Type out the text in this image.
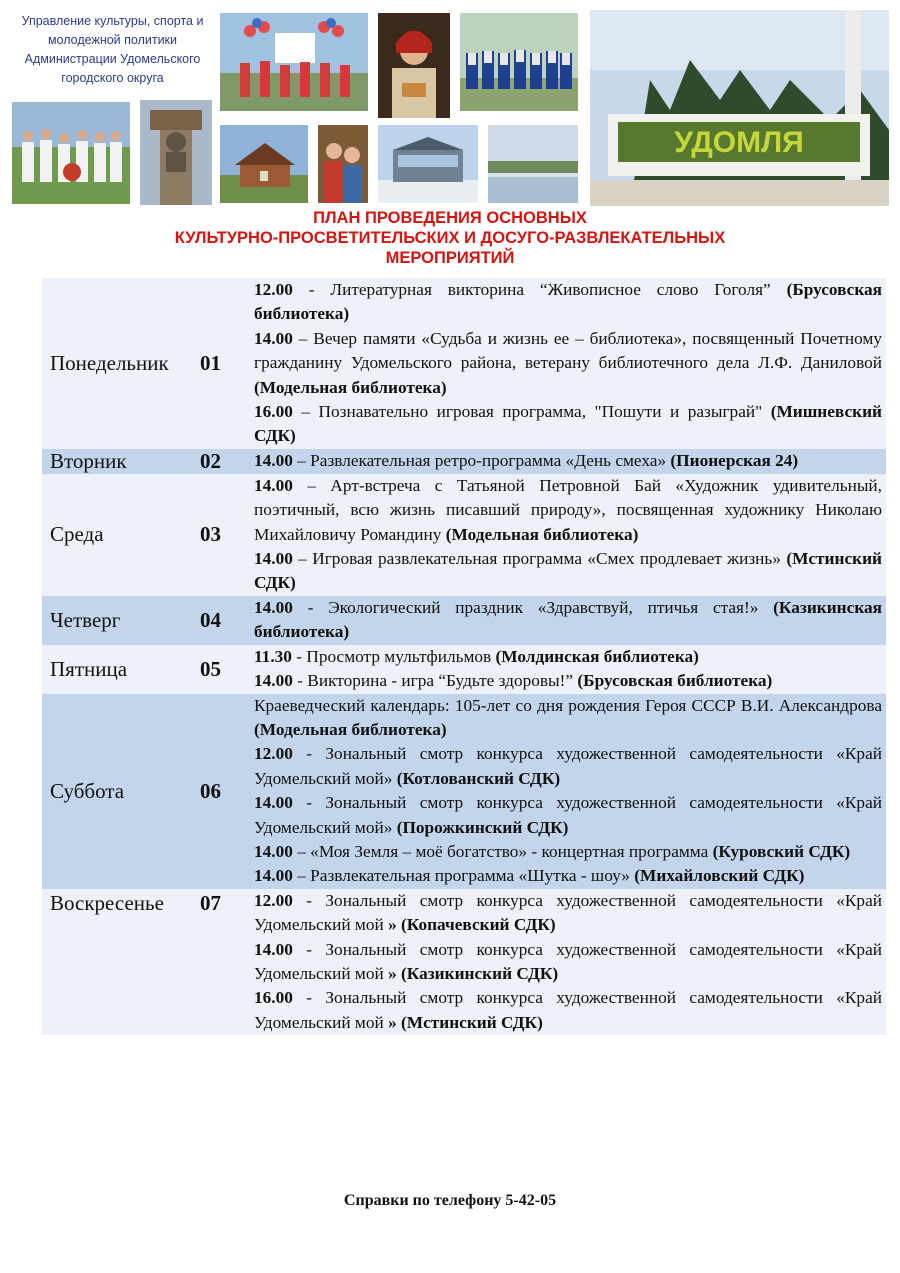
Управление культуры, спорта и
молодежной политики
Администрации Удомельского
городского округа
УДОМЛЯ
ПЛАН ПРОВЕДЕНИЯ ОСНОВНЫХ
КУЛЬТУРНО-ПРОСВЕТИТЕЛЬСКИХ И ДОСУГО-РАЗВЛЕКАТЕЛЬНЫХ
МЕРОПРИЯТИЙ
Понедельник	01	12.00 - Литературная викторина “Живописное слово Гоголя” (Брусовская библиотека)
14.00 – Вечер памяти «Судьба и жизнь ее – библиотека», посвященный Почетному гражданину Удомельского района, ветерану библиотечного дела Л.Ф. Даниловой (Модельная библиотека)
16.00 – Познавательно игровая программа, "Пошути и разыграй" (Мишневский СДК)

Вторник	02	14.00 – Развлекательная ретро-программа «День смеха» (Пионерская 24)

Среда	03	14.00 – Арт-встреча с Татьяной Петровной Бай «Художник удивительный, поэтичный, всю жизнь писавший природу», посвященная художнику Николаю Михайловичу Романдину (Модельная библиотека)
14.00 – Игровая развлекательная программа «Смех продлевает жизнь» (Мстинский СДК)

Четверг	04	14.00 - Экологический праздник «Здравствуй, птичья стая!» (Казикинская библиотека)

Пятница	05	11.30 - Просмотр мультфильмов (Молдинская библиотека)
14.00 - Викторина - игра “Будьте здоровы!” (Брусовская библиотека)

Суббота	06	Краеведческий календарь: 105-лет со дня рождения Героя СССР В.И. Александрова (Модельная библиотека)
12.00 - Зональный смотр конкурса художественной самодеятельности «Край Удомельский мой» (Котлованский СДК)
14.00 - Зональный смотр конкурса художественной самодеятельности «Край Удомельский мой» (Порожкинский СДК)
14.00 – «Моя Земля – моё богатство» - концертная программа (Куровский СДК)
14.00 – Развлекательная программа «Шутка - шоу» (Михайловский СДК)

Воскресенье	07	12.00 - Зональный смотр конкурса художественной самодеятельности «Край Удомельский мой » (Копачевский СДК)
14.00 - Зональный смотр конкурса художественной самодеятельности «Край Удомельский мой » (Казикинский СДК)
16.00 - Зональный смотр конкурса художественной самодеятельности «Край Удомельский мой » (Мстинский СДК)
Справки по телефону 5-42-05
